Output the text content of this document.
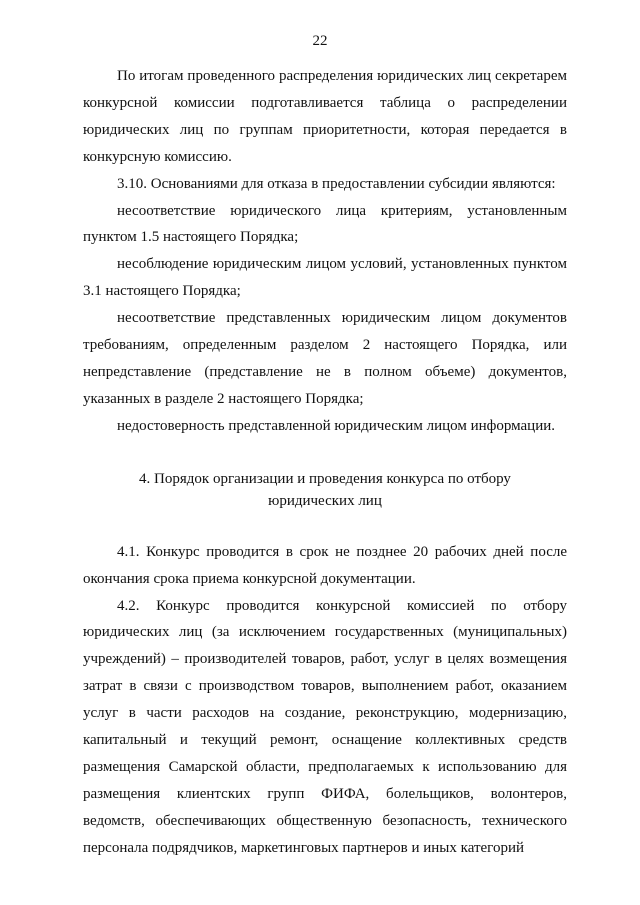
22

По итогам проведенного распределения юридических лиц секретарем конкурсной комиссии подготавливается таблица о распределении юридических лиц по группам приоритетности, которая передается в конкурсную комиссию.

3.10. Основаниями для отказа в предоставлении субсидии являются:

несоответствие юридического лица критериям, установленным пунктом 1.5 настоящего Порядка;

несоблюдение юридическим лицом условий, установленных пунктом 3.1 настоящего Порядка;

несоответствие представленных юридическим лицом документов требованиям, определенным разделом 2 настоящего Порядка, или непредставление (представление не в полном объеме) документов, указанных в разделе 2 настоящего Порядка;

недостоверность представленной юридическим лицом информации.

4. Порядок организации и проведения конкурса по отбору
юридических лиц

4.1. Конкурс проводится в срок не позднее 20 рабочих дней после окончания срока приема конкурсной документации.

4.2. Конкурс проводится конкурсной комиссией по отбору юридических лиц (за исключением государственных (муниципальных) учреждений) – производителей товаров, работ, услуг в целях возмещения затрат в связи с производством товаров, выполнением работ, оказанием услуг в части расходов на создание, реконструкцию, модернизацию, капитальный и текущий ремонт, оснащение коллективных средств размещения Самарской области, предполагаемых к использованию для размещения клиентских групп ФИФА, болельщиков, волонтеров, ведомств, обеспечивающих общественную безопасность, технического персонала подрядчиков, маркетинговых партнеров и иных категорий
